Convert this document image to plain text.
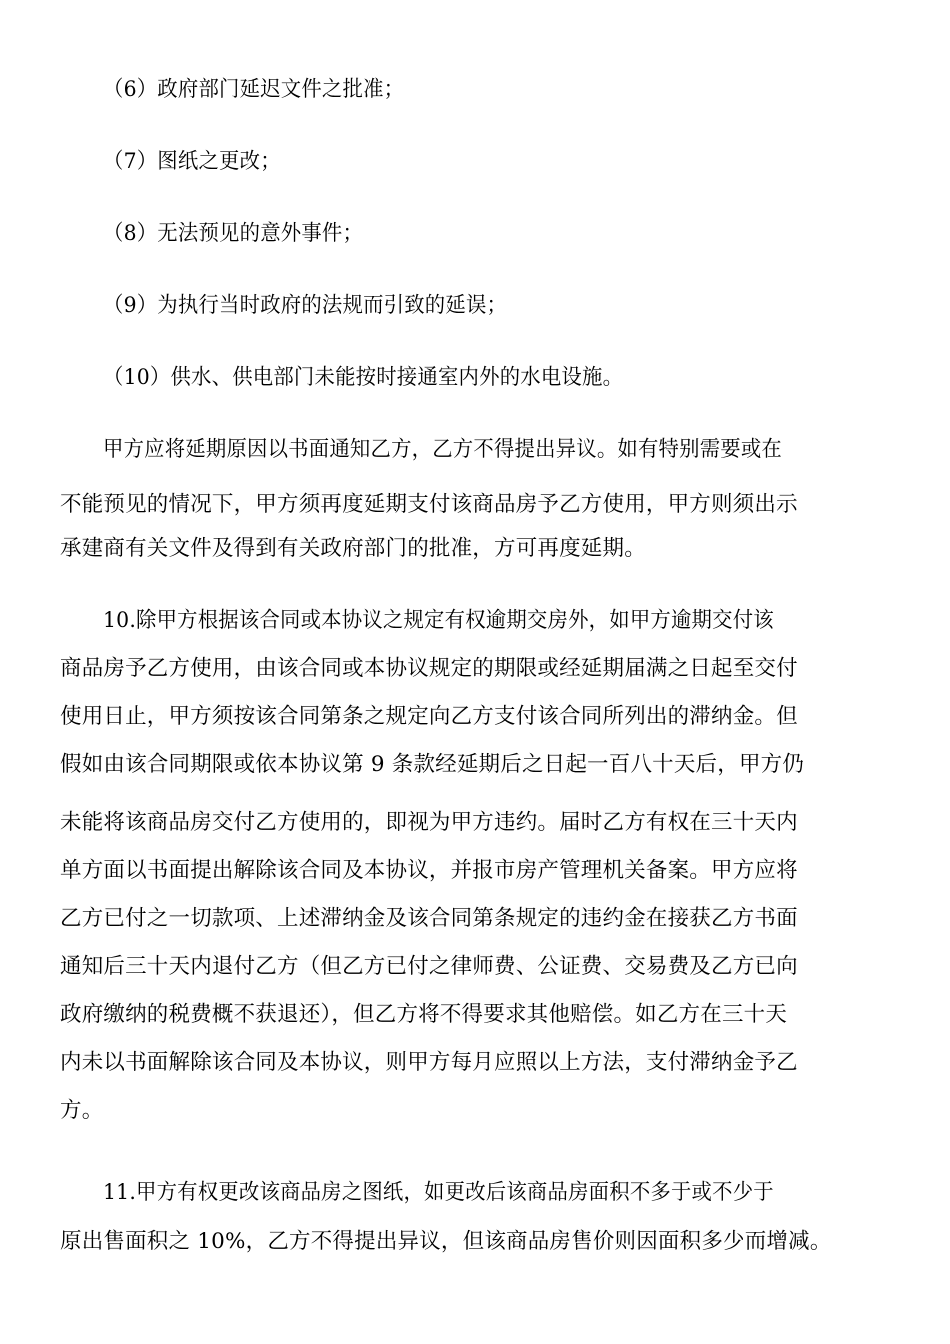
（6）政府部门延迟文件之批准；
（7）图纸之更改；
（8）无法预见的意外事件；
（9）为执行当时政府的法规而引致的延误；
（10）供水、供电部门未能按时接通室内外的水电设施。
甲方应将延期原因以书面通知乙方，乙方不得提出异议。如有特别需要或在
不能预见的情况下，甲方须再度延期支付该商品房予乙方使用，甲方则须出示
承建商有关文件及得到有关政府部门的批准，方可再度延期。
10.除甲方根据该合同或本协议之规定有权逾期交房外，如甲方逾期交付该
商品房予乙方使用，由该合同或本协议规定的期限或经延期届满之日起至交付
使用日止，甲方须按该合同第条之规定向乙方支付该合同所列出的滞纳金。但
假如由该合同期限或依本协议第 9 条款经延期后之日起一百八十天后，甲方仍
未能将该商品房交付乙方使用的，即视为甲方违约。届时乙方有权在三十天内
单方面以书面提出解除该合同及本协议，并报市房产管理机关备案。甲方应将
乙方已付之一切款项、上述滞纳金及该合同第条规定的违约金在接获乙方书面
通知后三十天内退付乙方（但乙方已付之律师费、公证费、交易费及乙方已向
政府缴纳的税费概不获退还），但乙方将不得要求其他赔偿。如乙方在三十天
内未以书面解除该合同及本协议，则甲方每月应照以上方法，支付滞纳金予乙
方。
11.甲方有权更改该商品房之图纸，如更改后该商品房面积不多于或不少于
原出售面积之 10%，乙方不得提出异议，但该商品房售价则因面积多少而增减。
